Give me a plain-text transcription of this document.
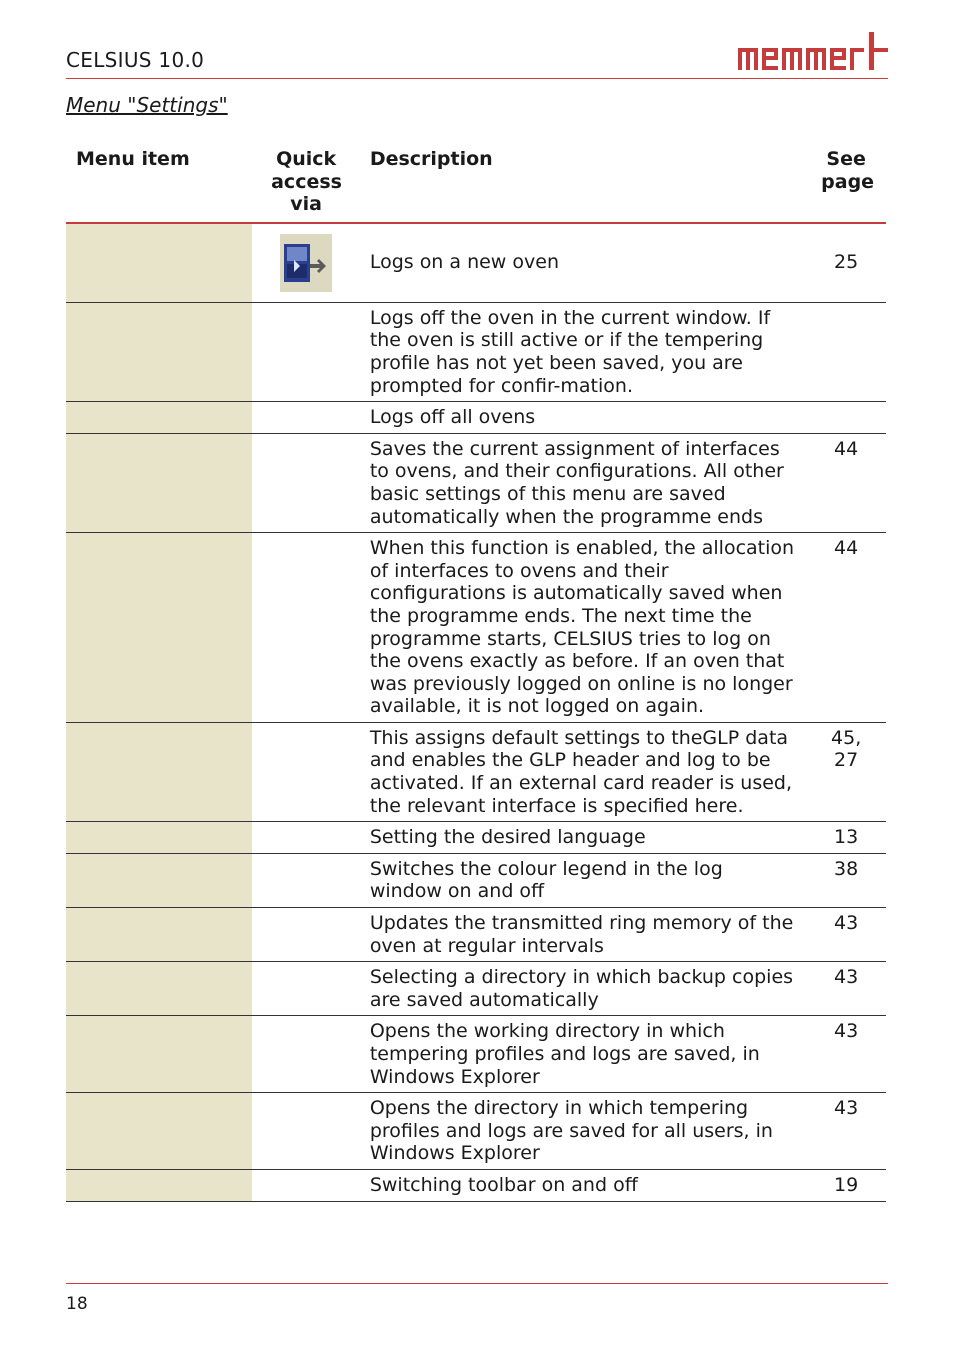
CELSIUS 10.0
Menu "Settings"
Menu item	Quick access via	Description	See page
		Logs on a new oven	25
		Logs off the oven in the current window. If the oven is still active or if the tempering profile has not yet been saved, you are prompted for confir-mation.	
		Logs off all ovens	
		Saves the current assignment of interfaces to ovens, and their configurations. All other basic settings of this menu are saved automatically when the programme ends	44
		When this function is enabled, the allocation of interfaces to ovens and their configurations is automatically saved when the programme ends. The next time the programme starts, CELSIUS tries to log on the ovens exactly as before. If an oven that was previously logged on online is no longer available, it is not logged on again.	44
		This assigns default settings to theGLP data and enables the GLP header and log to be activated. If an external card reader is used, the relevant interface is specified here.	45, 27
		Setting the desired language	13
		Switches the colour legend in the log window on and off	38
		Updates the transmitted ring memory of the oven at regular intervals	43
		Selecting a directory in which backup copies are saved automatically	43
		Opens the working directory in which tempering profiles and logs are saved, in Windows Explorer	43
		Opens the directory in which tempering profiles and logs are saved for all users, in Windows Explorer	43
		Switching toolbar on and off	19
18
